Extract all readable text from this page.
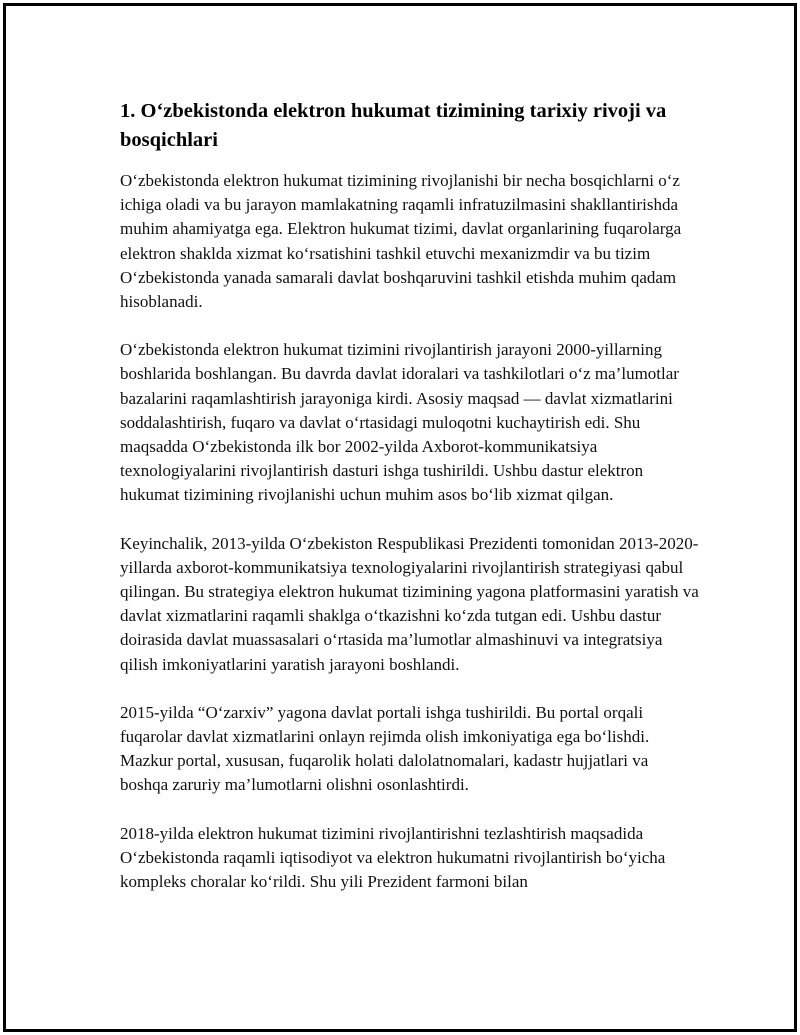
1. O‘zbekistonda elektron hukumat tizimining tarixiy rivoji va bosqichlari

O‘zbekistonda elektron hukumat tizimining rivojlanishi bir necha bosqichlarni o‘z ichiga oladi va bu jarayon mamlakatning raqamli infratuzilmasini shakllantirishda muhim ahamiyatga ega. Elektron hukumat tizimi, davlat organlarining fuqarolarga elektron shaklda xizmat ko‘rsatishini tashkil etuvchi mexanizmdir va bu tizim O‘zbekistonda yanada samarali davlat boshqaruvini tashkil etishda muhim qadam hisoblanadi.

O‘zbekistonda elektron hukumat tizimini rivojlantirish jarayoni 2000-yillarning boshlarida boshlangan. Bu davrda davlat idoralari va tashkilotlari o‘z ma’lumotlar bazalarini raqamlashtirish jarayoniga kirdi. Asosiy maqsad — davlat xizmatlarini soddalashtirish, fuqaro va davlat o‘rtasidagi muloqotni kuchaytirish edi. Shu maqsadda O‘zbekistonda ilk bor 2002-yilda Axborot-kommunikatsiya texnologiyalarini rivojlantirish dasturi ishga tushirildi. Ushbu dastur elektron hukumat tizimining rivojlanishi uchun muhim asos bo‘lib xizmat qilgan.

Keyinchalik, 2013-yilda O‘zbekiston Respublikasi Prezidenti tomonidan 2013-2020-yillarda axborot-kommunikatsiya texnologiyalarini rivojlantirish strategiyasi qabul qilingan. Bu strategiya elektron hukumat tizimining yagona platformasini yaratish va davlat xizmatlarini raqamli shaklga o‘tkazishni ko‘zda tutgan edi. Ushbu dastur doirasida davlat muassasalari o‘rtasida ma’lumotlar almashinuvi va integratsiya qilish imkoniyatlarini yaratish jarayoni boshlandi.

2015-yilda “O‘zarxiv” yagona davlat portali ishga tushirildi. Bu portal orqali fuqarolar davlat xizmatlarini onlayn rejimda olish imkoniyatiga ega bo‘lishdi. Mazkur portal, xususan, fuqarolik holati dalolatnomalari, kadastr hujjatlari va boshqa zaruriy ma’lumotlarni olishni osonlashtirdi.

2018-yilda elektron hukumat tizimini rivojlantirishni tezlashtirish maqsadida O‘zbekistonda raqamli iqtisodiyot va elektron hukumatni rivojlantirish bo‘yicha kompleks choralar ko‘rildi. Shu yili Prezident farmoni bilan
